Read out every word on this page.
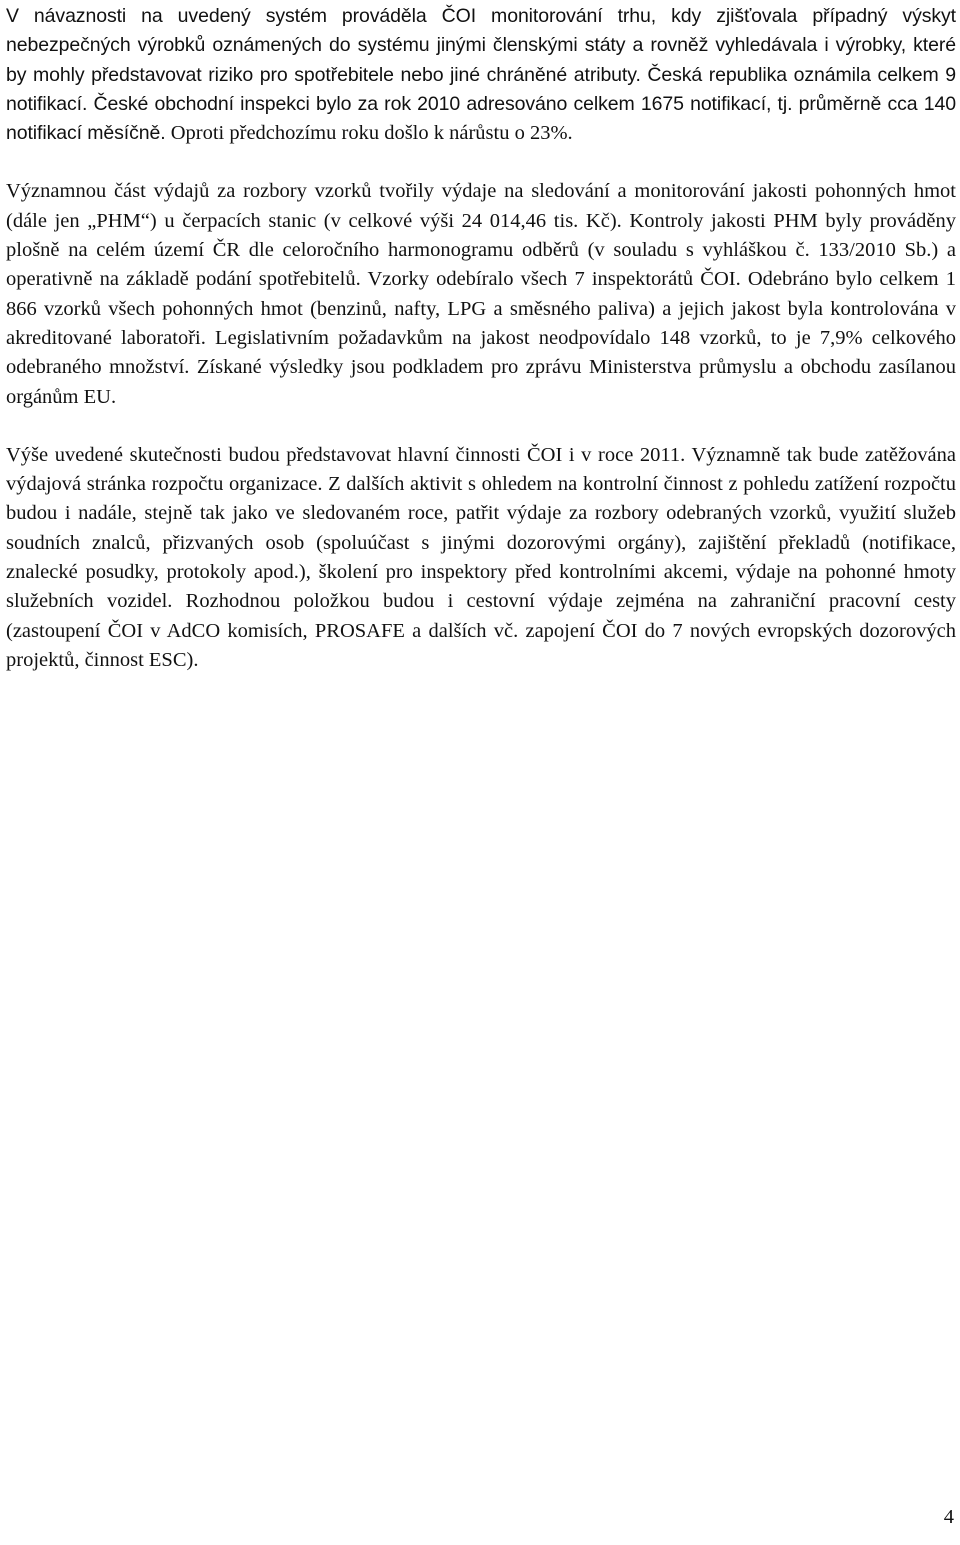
V návaznosti na uvedený systém prováděla ČOI monitorování trhu, kdy zjišťovala případný výskyt nebezpečných výrobků oznámených do systému jinými členskými státy a rovněž vyhledávala i výrobky, které by mohly představovat riziko pro spotřebitele nebo jiné chráněné atributy. Česká republika oznámila celkem 9 notifikací. České obchodní inspekci bylo za rok 2010 adresováno celkem 1675 notifikací, tj. průměrně cca 140 notifikací měsíčně. Oproti předchozímu roku došlo k nárůstu o 23%.

Významnou část výdajů za rozbory vzorků tvořily výdaje na sledování a monitorování jakosti pohonných hmot (dále jen „PHM“) u čerpacích stanic (v celkové výši 24 014,46 tis. Kč). Kontroly jakosti PHM byly prováděny plošně na celém území ČR dle celoročního harmonogramu odběrů (v souladu s vyhláškou č. 133/2010 Sb.) a operativně na základě podání spotřebitelů. Vzorky odebíralo všech 7 inspektorátů ČOI. Odebráno bylo celkem 1 866 vzorků všech pohonných hmot (benzinů, nafty, LPG a směsného paliva) a jejich jakost byla kontrolována v akreditované laboratoři. Legislativním požadavkům na jakost neodpovídalo 148 vzorků, to je 7,9% celkového odebraného množství. Získané výsledky jsou podkladem pro zprávu Ministerstva průmyslu a obchodu zasílanou orgánům EU.

Výše uvedené skutečnosti budou představovat hlavní činnosti ČOI i v roce 2011. Významně tak bude zatěžována výdajová stránka rozpočtu organizace. Z dalších aktivit s ohledem na kontrolní činnost z pohledu zatížení rozpočtu budou i nadále, stejně tak jako ve sledovaném roce, patřit výdaje za rozbory odebraných vzorků, využití služeb soudních znalců, přizvaných osob (spoluúčast s jinými dozorovými orgány), zajištění překladů (notifikace, znalecké posudky, protokoly apod.), školení pro inspektory před kontrolními akcemi, výdaje na pohonné hmoty služebních vozidel. Rozhodnou položkou budou i cestovní výdaje zejména na zahraniční pracovní cesty (zastoupení ČOI v AdCO komisích, PROSAFE a dalších vč. zapojení ČOI do 7 nových evropských dozorových projektů, činnost ESC).

4
